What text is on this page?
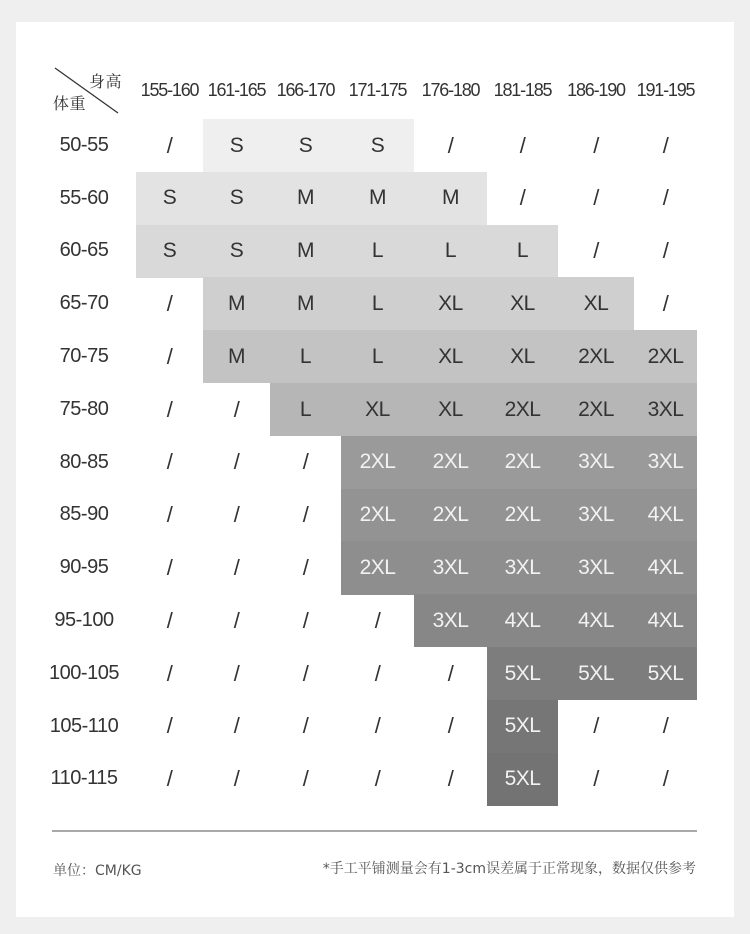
身高
体重
155-160 161-165 166-170 171-175 176-180 181-185 186-190 191-195
50-55	/	S	S	S	/	/	/	/
55-60	S	S	M	M	M	/	/	/
60-65	S	S	M	L	L	L	/	/
65-70	/	M	M	L	XL	XL	XL	/
70-75	/	M	L	L	XL	XL	2XL	2XL
75-80	/	/	L	XL	XL	2XL	2XL	3XL
80-85	/	/	/	2XL	2XL	2XL	3XL	3XL
85-90	/	/	/	2XL	2XL	2XL	3XL	4XL
90-95	/	/	/	2XL	3XL	3XL	3XL	4XL
95-100	/	/	/	/	3XL	4XL	4XL	4XL
100-105	/	/	/	/	/	5XL	5XL	5XL
105-110	/	/	/	/	/	5XL	/	/
110-115	/	/	/	/	/	5XL	/	/
单位：CM/KG	*手工平铺测量会有1-3cm误差属于正常现象，数据仅供参考
